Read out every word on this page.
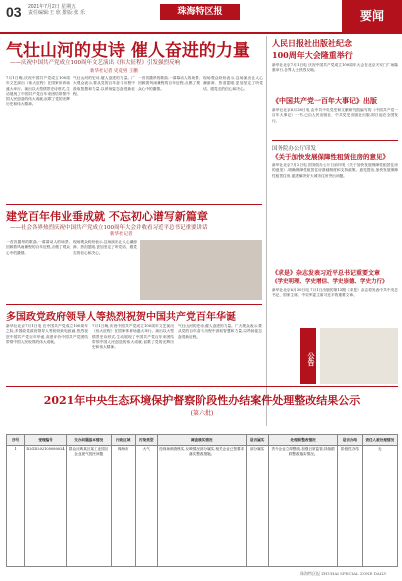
03 2021年7月2日 星期五
责任编辑:王 欣 排版:张 乐	珠海特区报	要闻
气壮山河的史诗 催人奋进的力量
——庆祝中国共产党成立100周年文艺演出《伟大征程》引发强烈反响
新华社记者 史竞男 王鹏
7月1日晚,庆祝中国共产党成立100周年文艺演出《伟大征程》在国家体育场盛大举行。演出以大型情景史诗形式,生动展现了中国共产党百年来团结带领中国人民创造的伟大成就,讴歌了党的光辉历史和伟大精神。
气壮山河的史诗,催人奋进的力量。广大观众表示,要从党的百年奋斗历程中汲取智慧和力量,以昂扬姿态奋进新征程。
一首首激昂的歌曲,一幕幕动人的场景,回顾着风雨兼程的百年征程,点燃了观众心中的激情。
现场观众纷纷表示,这场演出让人心潮澎湃、热泪盈眶,更加坚定了听党话、跟党走的信心和决心。
人民日报社出版社纪念
100周年大会隆重举行
新华社北京7月1日电 庆祝中国共产党成立100周年大会在北京天安门广场隆重举行,各界人士热烈反响。
《中国共产党一百年大事记》出版
新华社北京6月28日电 由中共中央党史和文献研究院编写的《中国共产党一百年大事记》一书,已由人民出版社、中共党史出版社出版,即日起在全国发行。
国务院办公厅印发
《关于加快发展保障性租赁住房的意见》
新华社北京7月2日电 国务院办公厅日前印发《关于加快发展保障性租赁住房的意见》,明确保障性租赁住房基础制度和支持政策。意见提出,加快发展保障性租赁住房,促进解决好大城市住房突出问题。
《求是》杂志发表习近平总书记重要文章
《学史明理、学史增信、学史崇德、学史力行》
新华社北京6月30日电 7月1日出版的第13期《求是》杂志将发表中共中央总书记、国家主席、中央军委主席习近平的重要文章。
公告
建党百年伟业垂成就 不忘初心谱写新篇章
——社会各界热烈庆祝中国共产党成立100周年大会并收看习近平总书记重要讲话
新华社记者
一首首激昂的歌曲,一幕幕动人的场景,回顾着风雨兼程的百年征程,点燃了观众心中的激情。
现场观众纷纷表示,这场演出让人心潮澎湃、热泪盈眶,更加坚定了听党话、跟党走的信心和决心。
多国政党政府领导人等热烈祝贺中国共产党百年华诞
新华社北京7月1日电 在中国共产党成立100周年之际,多国政党政府领导人等纷纷致电致函,热烈祝贺中国共产党百年华诞,高度评价中国共产党团结带领中国人民取得的伟大成就。
7月1日晚,庆祝中国共产党成立100周年文艺演出《伟大征程》在国家体育场盛大举行。演出以大型情景史诗形式,生动展现了中国共产党百年来团结带领中国人民创造的伟大成就,讴歌了党的光辉历史和伟大精神。
气壮山河的史诗,催人奋进的力量。广大观众表示,要从党的百年奋斗历程中汲取智慧和力量,以昂扬姿态奋进新征程。
2021年中央生态环境保护督察阶段性办结案件处理整改结果公示
(第六批)
序号	受理编号	交办问题基本情况	行政区域	污染类型	调查核实情况	是否属实	处理和整改情况	是否办结	责任人被处理情况
1	D2GD202105080024	群众反映某区某工业园区企业废气扰民问题	珠海市	大气	经现场调查核实,反映情况部分属实,相关企业已按要求落实整改措施。	部分属实	责令企业立即整改,加强日常监管,持续跟踪整改落实情况。	阶段性办结	无
珠海特区报 ZHUHAI SPECIAL ZONE DAILY
